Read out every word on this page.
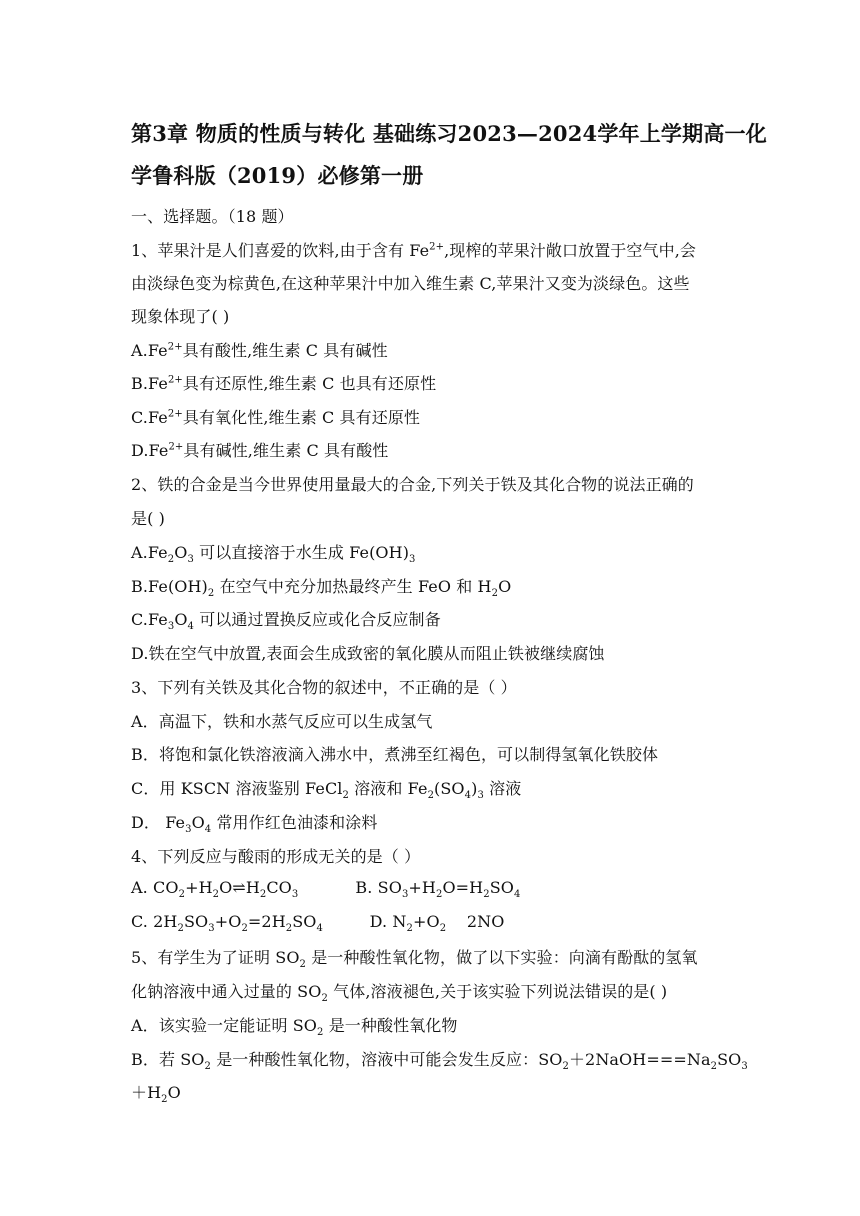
第3章 物质的性质与转化 基础练习2023—2024学年上学期高一化
学鲁科版（2019）必修第一册
一、选择题。（18 题）
1、苹果汁是人们喜爱的饮料,由于含有 $Fe^{2+}$,现榨的苹果汁敞口放置于空气中,会
由淡绿色变为棕黄色,在这种苹果汁中加入维生素 C,苹果汁又变为淡绿色。这些
现象体现了( )
$A.Fe^{2+}$具有酸性,维生素 C 具有碱性
$B.Fe^{2+}$具有还原性,维生素 C 也具有还原性
$C.Fe^{2+}$具有氧化性,维生素 C 具有还原性
$D.Fe^{2+}$具有碱性,维生素 C 具有酸性
2、铁的合金是当今世界使用量最大的合金,下列关于铁及其化合物的说法正确的
是( )
$A.Fe_2O_3$ 可以直接溶于水生成 $Fe(OH)_3$
$B.Fe(OH)_2$ 在空气中充分加热最终产生 FeO 和 $H_2O$
$C.Fe_3O_4$ 可以通过置换反应或化合反应制备
D.铁在空气中放置,表面会生成致密的氧化膜从而阻止铁被继续腐蚀
3、下列有关铁及其化合物的叙述中，不正确的是（ ）
A．高温下，铁和水蒸气反应可以生成氢气
B．将饱和氯化铁溶液滴入沸水中，煮沸至红褐色，可以制得氢氧化铁胶体
C．用 KSCN 溶液鉴别 FeCl$_2$ 溶液和 $Fe_2(SO_4)_3$ 溶液
D． $Fe_3O_4$ 常用作红色油漆和涂料
4、下列反应与酸雨的形成无关的是（ ）
A. $CO_2+H_2O\rightleftharpoons H_2CO_3$           B. $SO_3+H_2O=H_2SO_4$
C. $2H_2SO_3+O_2=2H_2SO_4$         D. $N_2+O_2$    2NO
5、有学生为了证明 $SO_2$ 是一种酸性氧化物，做了以下实验：向滴有酚酞的氢氧
化钠溶液中通入过量的 $SO_2$ 气体,溶液褪色,关于该实验下列说法错误的是( )
A．该实验一定能证明 $SO_2$ 是一种酸性氧化物
B．若 $SO_2$ 是一种酸性氧化物，溶液中可能会发生反应：$SO_2+2NaOH===Na_2SO_3$
$+H_2O$
